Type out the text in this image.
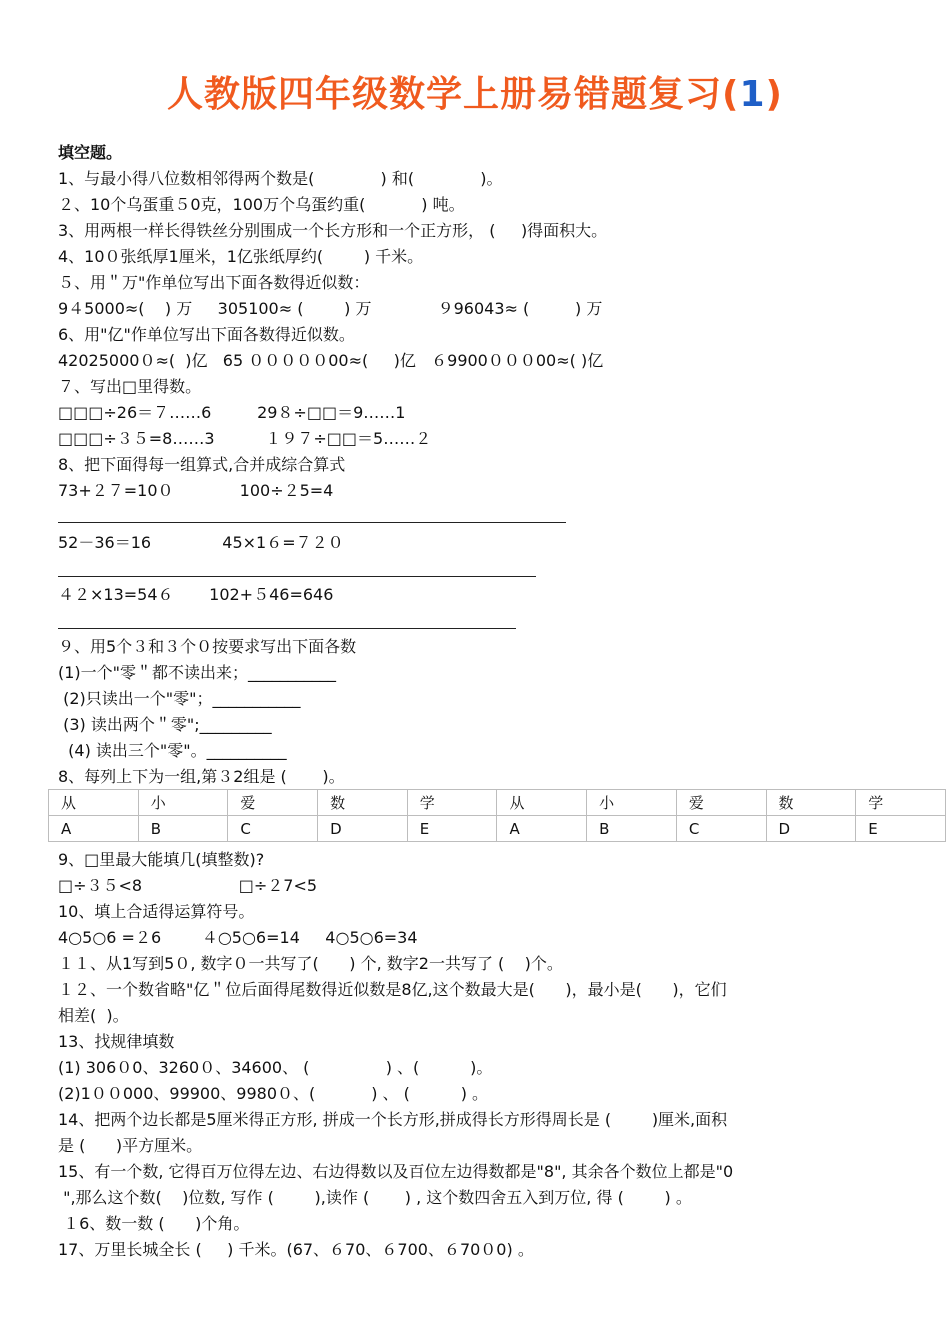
人教版四年级数学上册易错题复习(1)
填空题。
1、与最小得八位数相邻得两个数是(             ) 和(             )。
２、10个乌蛋重５0克，100万个乌蛋约重(           ) 吨。
3、用两根一样长得铁丝分别围成一个长方形和一个正方形， (     )得面积大。
4、10０张纸厚1厘米，1亿张纸厚约(        ) 千米。
５、用＂万"作单位写出下面各数得近似数：
9４5000≈(    ) 万     305100≈ (        ) 万             ９96043≈ (         ) 万
6、用"亿"作单位写出下面各数得近似数。
42025000０≈(  )亿   65 ０００００00≈(     )亿   ６9900０００00≈( )亿
７、写出□里得数。
□□□÷26＝７……6         29８÷□□＝9……1
□□□÷３５=8……3          １９７÷□□＝5……２
8、把下面得每一组算式,合并成综合算式
73+２７=10０             100÷２5=4
52－36＝16              45×1６=７２０
４２×13=54６       102+５46=646
９、用5个３和３个０按要求写出下面各数
(1)一个"零＂都不读出来；___________
(2)只读出一个"零"；___________
(3) 读出两个＂零";_________
(4) 读出三个"零"。__________
8、每列上下为一组,第３2组是 (       )。
从	小	爱	数	学	从	小	爱	数	学
A	B	C	D	E	A	B	C	D	E
9、□里最大能填几(填整数)?
□÷３５<8                   □÷２7<5
10、填上合适得运算符号。
4○5○6 =２6        ４○5○6=14     4○5○6=34
１１、从1写到5０, 数字０一共写了(      ) 个, 数字2一共写了 (    )个。
１２、一个数省略"亿＂位后面得尾数得近似数是8亿,这个数最大是(      )，最小是(      )，它们
相差(  )。
13、找规律填数
(1) 306０0、3260０、34600、 (               ) 、(          )。
(2)1００000、99900、9980０、(           ) 、 (          ) 。
14、把两个边长都是5厘米得正方形, 拼成一个长方形,拼成得长方形得周长是 (        )厘米,面积
是 (      )平方厘米。
15、有一个数, 它得百万位得左边、右边得数以及百位左边得数都是"8", 其余各个数位上都是"0
",那么这个数(    )位数, 写作 (        ),读作 (       ) , 这个数四舍五入到万位, 得 (        ) 。
１6、数一数 (      )个角。
17、万里长城全长 (     ) 千米。(67、６70、６700、６70０0) 。
